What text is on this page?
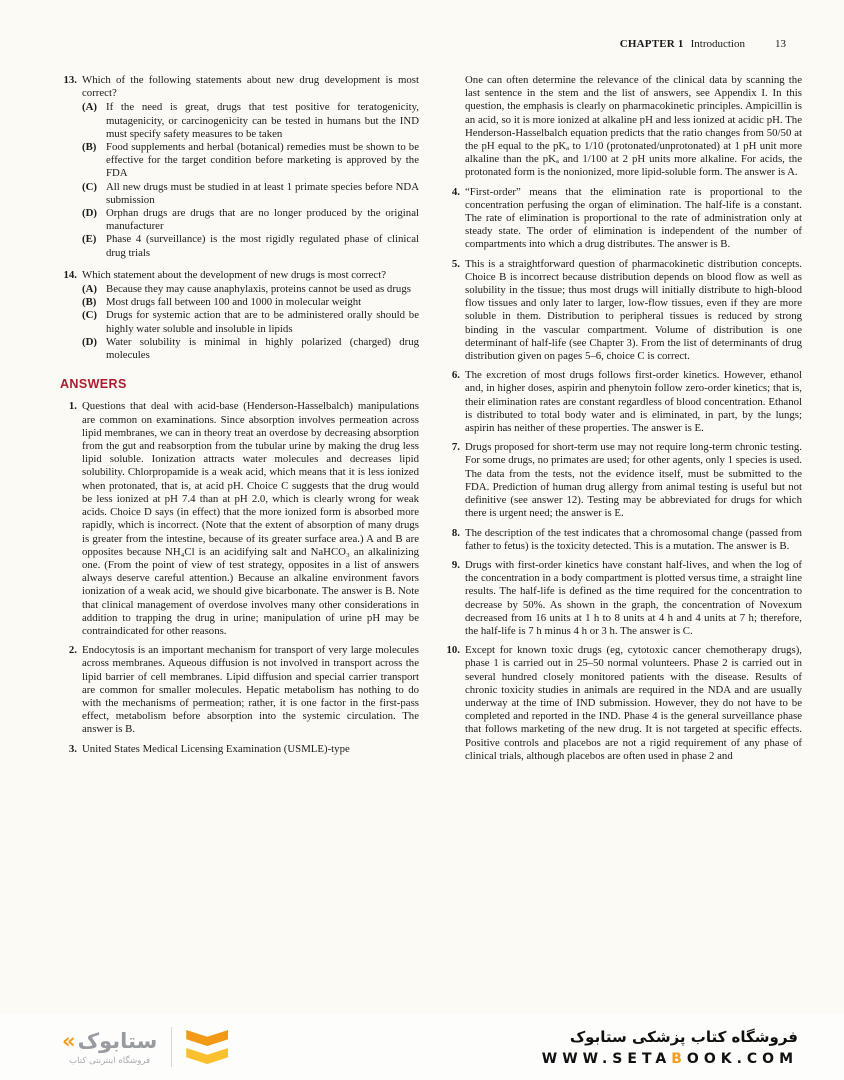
CHAPTER 1 Introduction	13
13. Which of the following statements about new drug development is most correct?
(A) If the need is great, drugs that test positive for teratogenicity, mutagenicity, or carcinogenicity can be tested in humans but the IND must specify safety measures to be taken
(B) Food supplements and herbal (botanical) remedies must be shown to be effective for the target condition before marketing is approved by the FDA
(C) All new drugs must be studied in at least 1 primate species before NDA submission
(D) Orphan drugs are drugs that are no longer produced by the original manufacturer
(E) Phase 4 (surveillance) is the most rigidly regulated phase of clinical drug trials
14. Which statement about the development of new drugs is most correct?
(A) Because they may cause anaphylaxis, proteins cannot be used as drugs
(B) Most drugs fall between 100 and 1000 in molecular weight
(C) Drugs for systemic action that are to be administered orally should be highly water soluble and insoluble in lipids
(D) Water solubility is minimal in highly polarized (charged) drug molecules
ANSWERS
1. Questions that deal with acid-base (Henderson-Hasselbalch) manipulations are common on examinations. Since absorption involves permeation across lipid membranes, we can in theory treat an overdose by decreasing absorption from the gut and reabsorption from the tubular urine by making the drug less lipid soluble. Ionization attracts water molecules and decreases lipid solubility. Chlorpropamide is a weak acid, which means that it is less ionized when protonated, that is, at acid pH. Choice C suggests that the drug would be less ionized at pH 7.4 than at pH 2.0, which is clearly wrong for weak acids. Choice D says (in effect) that the more ionized form is absorbed more rapidly, which is incorrect. (Note that the extent of absorption of many drugs is greater from the intestine, because of its greater surface area.) A and B are opposites because NH₄Cl is an acidifying salt and NaHCO₃ an alkalinizing one. (From the point of view of test strategy, opposites in a list of answers always deserve careful attention.) Because an alkaline environment favors ionization of a weak acid, we should give bicarbonate. The answer is B. Note that clinical management of overdose involves many other considerations in addition to trapping the drug in urine; manipulation of urine pH may be contraindicated for other reasons.
2. Endocytosis is an important mechanism for transport of very large molecules across membranes. Aqueous diffusion is not involved in transport across the lipid barrier of cell membranes. Lipid diffusion and special carrier transport are common for smaller molecules. Hepatic metabolism has nothing to do with the mechanisms of permeation; rather, it is one factor in the first-pass effect, metabolism before absorption into the systemic circulation. The answer is B.
3. United States Medical Licensing Examination (USMLE)-type
One can often determine the relevance of the clinical data by scanning the last sentence in the stem and the list of answers, see Appendix I. In this question, the emphasis is clearly on pharmacokinetic principles. Ampicillin is an acid, so it is more ionized at alkaline pH and less ionized at acidic pH. The Henderson-Hasselbalch equation predicts that the ratio changes from 50/50 at the pH equal to the pKₐ to 1/10 (protonated/unprotonated) at 1 pH unit more alkaline than the pKₐ and 1/100 at 2 pH units more alkaline. For acids, the protonated form is the nonionized, more lipid-soluble form. The answer is A.
4. “First-order” means that the elimination rate is proportional to the concentration perfusing the organ of elimination. The half-life is a constant. The rate of elimination is proportional to the rate of administration only at steady state. The order of elimination is independent of the number of compartments into which a drug distributes. The answer is B.
5. This is a straightforward question of pharmacokinetic distribution concepts. Choice B is incorrect because distribution depends on blood flow as well as solubility in the tissue; thus most drugs will initially distribute to high-blood flow tissues and only later to larger, low-flow tissues, even if they are more soluble in them. Distribution to peripheral tissues is reduced by strong binding in the vascular compartment. Volume of distribution is one determinant of half-life (see Chapter 3). From the list of determinants of drug distribution given on pages 5–6, choice C is correct.
6. The excretion of most drugs follows first-order kinetics. However, ethanol and, in higher doses, aspirin and phenytoin follow zero-order kinetics; that is, their elimination rates are constant regardless of blood concentration. Ethanol is distributed to total body water and is eliminated, in part, by the lungs; aspirin has neither of these properties. The answer is E.
7. Drugs proposed for short-term use may not require long-term chronic testing. For some drugs, no primates are used; for other agents, only 1 species is used. The data from the tests, not the evidence itself, must be submitted to the FDA. Prediction of human drug allergy from animal testing is useful but not definitive (see answer 12). Testing may be abbreviated for drugs for which there is urgent need; the answer is E.
8. The description of the test indicates that a chromosomal change (passed from father to fetus) is the toxicity detected. This is a mutation. The answer is B.
9. Drugs with first-order kinetics have constant half-lives, and when the log of the concentration in a body compartment is plotted versus time, a straight line results. The half-life is defined as the time required for the concentration to decrease by 50%. As shown in the graph, the concentration of Novexum decreased from 16 units at 1 h to 8 units at 4 h and 4 units at 7 h; therefore, the half-life is 7 h minus 4 h or 3 h. The answer is C.
10. Except for known toxic drugs (eg, cytotoxic cancer chemotherapy drugs), phase 1 is carried out in 25–50 normal volunteers. Phase 2 is carried out in several hundred closely monitored patients with the disease. Results of chronic toxicity studies in animals are required in the NDA and are usually underway at the time of IND submission. However, they do not have to be completed and reported in the IND. Phase 4 is the general surveillance phase that follows marketing of the new drug. It is not targeted at specific effects. Positive controls and placebos are not a rigid requirement of any phase of clinical trials, although placebos are often used in phase 2 and
«ستابوک
فروشگاه اینترنتی کتاب
فروشگاه کتاب پزشکی ستابوک
WWW.SETABOOK.COM
